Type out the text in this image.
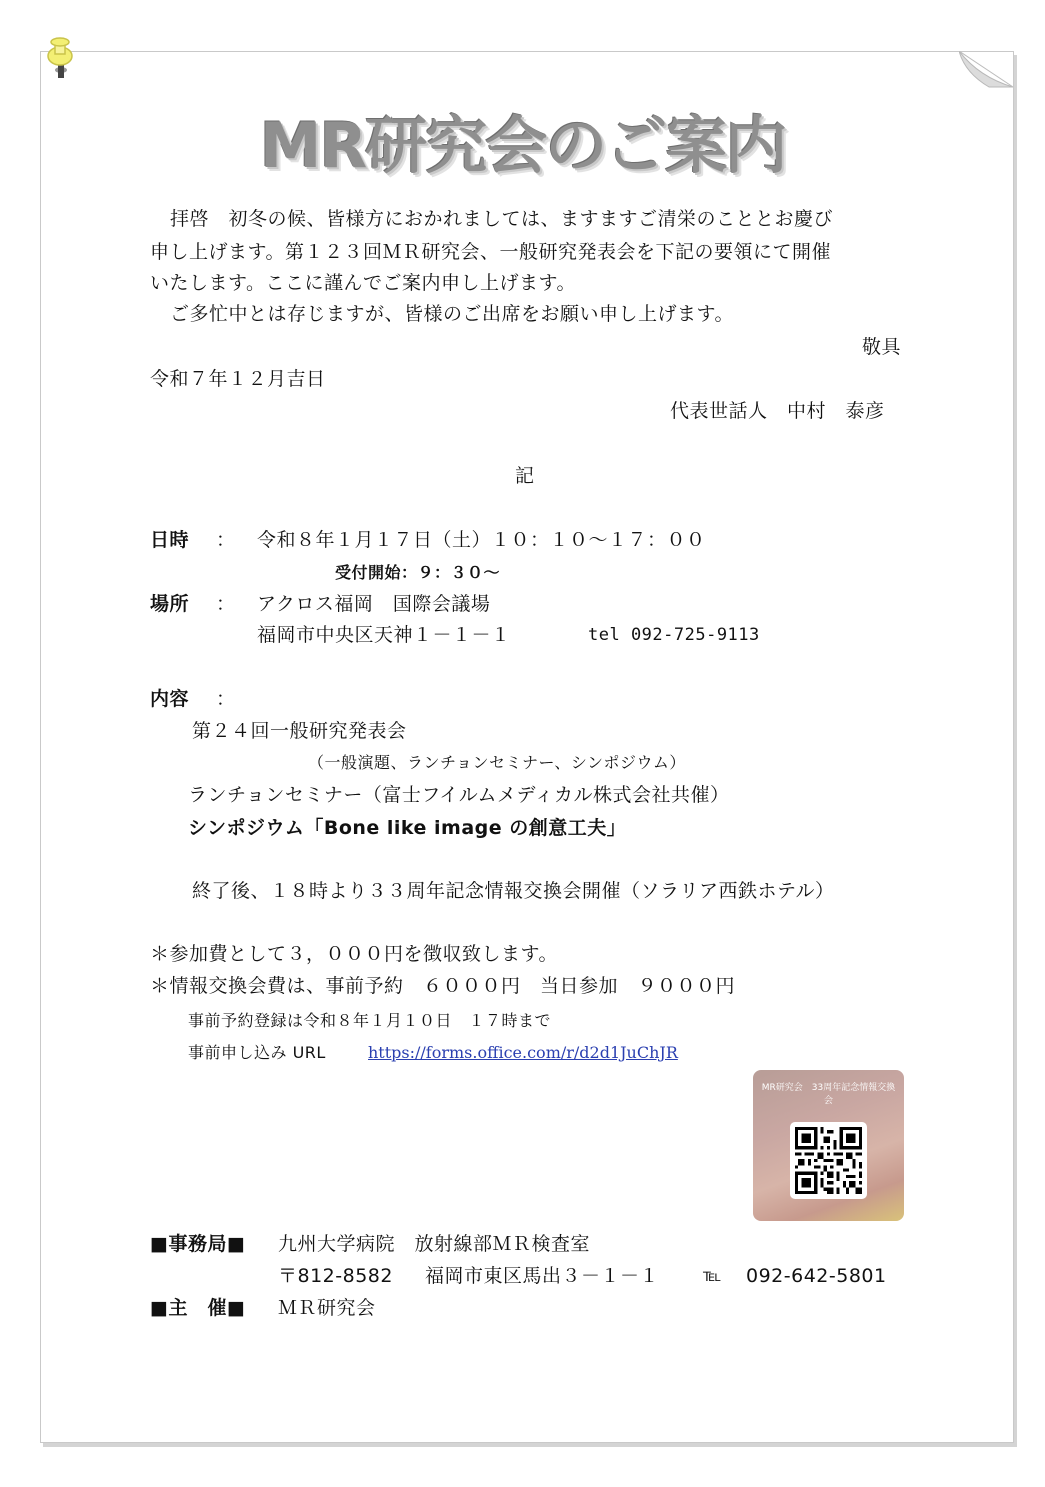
MR研究会のご案内
拝啓　初冬の候、皆様方におかれましては、ますますご清栄のこととお慶び
申し上げます。第１２３回ＭＲ研究会、一般研究発表会を下記の要領にて開催
いたします。ここに謹んでご案内申し上げます。
ご多忙中とは存じますが、皆様のご出席をお願い申し上げます。
敬具
令和７年１２月吉日
代表世話人　中村　泰彦
記
日時 ： 令和８年１月１７日（土）１０：１０～１７：００
受付開始：９：３０～
場所 ： アクロス福岡　国際会議場
福岡市中央区天神１－１－１	tel 092-725-9113
内容 ：
第２４回一般研究発表会
（一般演題、ランチョンセミナー、シンポジウム）
ランチョンセミナー（富士フイルムメディカル株式会社共催）
シンポジウム「Bone like image の創意工夫」
終了後、１８時より３３周年記念情報交換会開催（ソラリア西鉄ホテル）
＊参加費として３，０００円を徴収致します。
＊情報交換会費は、事前予約　６０００円　当日参加　９０００円
事前予約登録は令和８年１月１０日　１７時まで
事前申し込み URL	https://forms.office.com/r/d2d1JuChJR
MR研究会　33周年記念情報交換会
■事務局■ 九州大学病院　放射線部ＭＲ検査室
〒812-8582 福岡市東区馬出３－１－１	℡ 092-642-5801
■主　催■ ＭＲ研究会
